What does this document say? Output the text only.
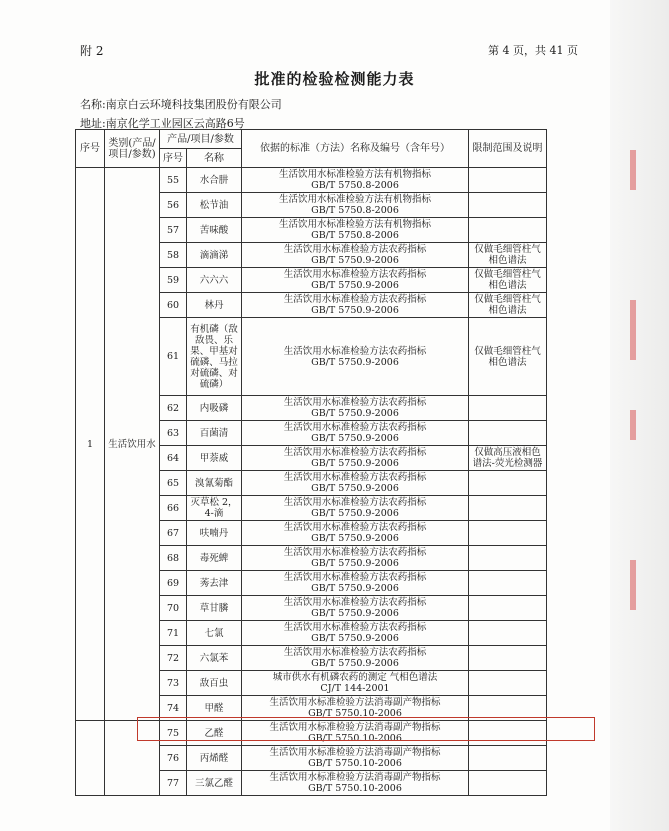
附 2	第 4 页，共 41 页
批准的检验检测能力表
名称:南京白云环境科技集团股份有限公司
地址:南京化学工业园区云高路6号
序号	类别(产品/项目/参数)	产品/项目/参数		依据的标准（方法）名称及编号（含年号）	限制范围及说明
		序号	名称		
1	生活饮用水	55	水合肼	生活饮用水标准检验方法有机物指标
GB/T 5750.8-2006	

		56	松节油	生活饮用水标准检验方法有机物指标
GB/T 5750.8-2006	

		57	苦味酸	生活饮用水标准检验方法有机物指标
GB/T 5750.8-2006	

		58	滴滴涕	生活饮用水标准检验方法农药指标
GB/T 5750.9-2006	仅做毛细管柱气相色谱法
		59	六六六	生活饮用水标准检验方法农药指标
GB/T 5750.9-2006	仅做毛细管柱气相色谱法
		60	林丹	生活饮用水标准检验方法农药指标
GB/T 5750.9-2006	仅做毛细管柱气相色谱法
		61	有机磷（敌敌畏、乐果、甲基对硫磷、马拉对硫磷、对硫磷）	生活饮用水标准检验方法农药指标
GB/T 5750.9-2006	仅做毛细管柱气相色谱法
		62	内吸磷	生活饮用水标准检验方法农药指标
GB/T 5750.9-2006	

		63	百菌清	生活饮用水标准检验方法农药指标
GB/T 5750.9-2006	

		64	甲萘威	生活饮用水标准检验方法农药指标
GB/T 5750.9-2006	仅做高压液相色谱法-荧光检测器
		65	溴氰菊酯	生活饮用水标准检验方法农药指标
GB/T 5750.9-2006	

		66	灭草松 2，4-滴	生活饮用水标准检验方法农药指标
GB/T 5750.9-2006	

		67	呋喃丹	生活饮用水标准检验方法农药指标
GB/T 5750.9-2006	

		68	毒死蜱	生活饮用水标准检验方法农药指标
GB/T 5750.9-2006	

		69	莠去津	生活饮用水标准检验方法农药指标
GB/T 5750.9-2006	

		70	草甘膦	生活饮用水标准检验方法农药指标
GB/T 5750.9-2006	

		71	七氯	生活饮用水标准检验方法农药指标
GB/T 5750.9-2006	

		72	六氯苯	生活饮用水标准检验方法农药指标
GB/T 5750.9-2006	

		73	敌百虫	城市供水有机磷农药的测定 气相色谱法
CJ/T 144-2001	

		74	甲醛	生活饮用水标准检验方法消毒副产物指标
GB/T 5750.10-2006	

		75	乙醛	生活饮用水标准检验方法消毒副产物指标
GB/T 5750.10-2006	

		76	丙烯醛	生活饮用水标准检验方法消毒副产物指标
GB/T 5750.10-2006	

		77	三氯乙醛	生活饮用水标准检验方法消毒副产物指标
GB/T 5750.10-2006	
